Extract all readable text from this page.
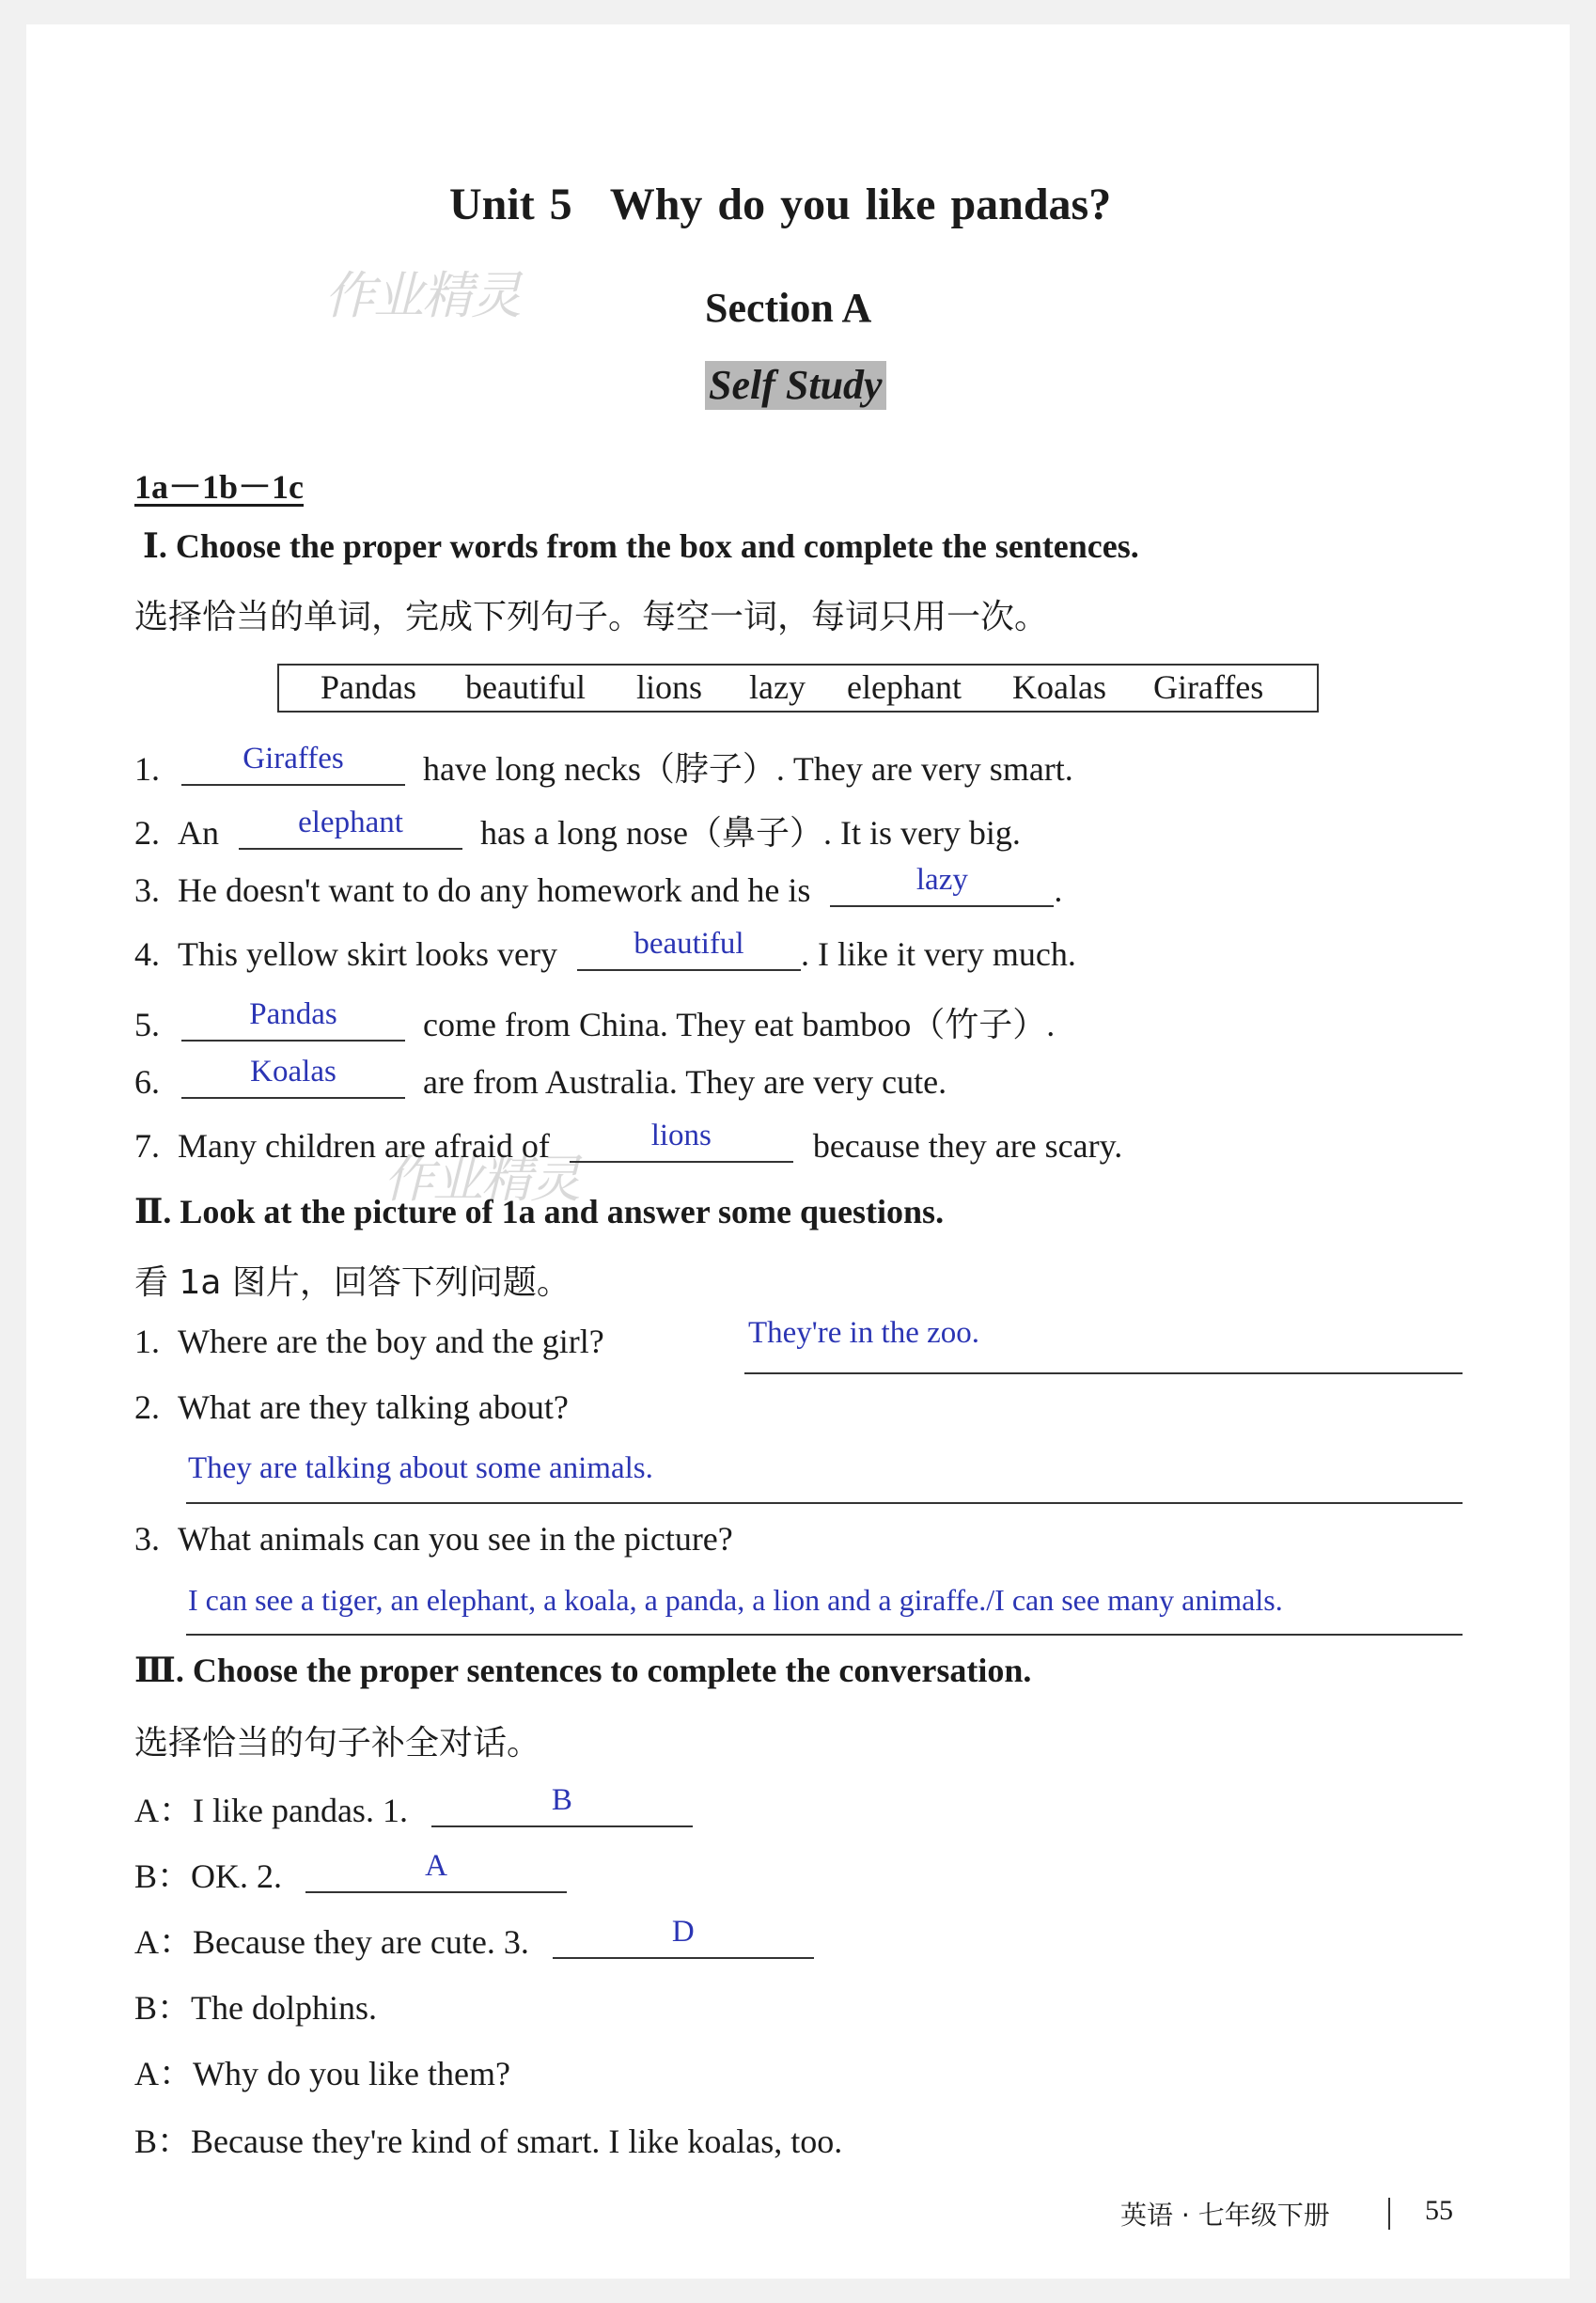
Unit 5 Why do you like pandas?
Section A
Self Study
作业精灵
作业精灵
1a－1b－1c
Ⅰ. Choose the proper words from the box and complete the sentences.
选择恰当的单词，完成下列句子。每空一词，每词只用一次。
Pandas beautiful lions lazy elephant Koalas Giraffes
1.	Giraffes	have long necks（脖子）. They are very smart.
2. An	elephant	has a long nose（鼻子）. It is very big.
3. He doesn't want to do any homework and he is	lazy	.
4. This yellow skirt looks very	beautiful	. I like it very much.
5.	Pandas	come from China. They eat bamboo（竹子）.
6.	Koalas	are from Australia. They are very cute.
7. Many children are afraid of	lions	because they are scary.
Ⅱ. Look at the picture of 1a and answer some questions.
看 1a 图片，回答下列问题。
1. Where are the boy and the girl?	They're in the zoo.
2. What are they talking about?
They are talking about some animals.
3. What animals can you see in the picture?
I can see a tiger, an elephant, a koala, a panda, a lion and a giraffe./I can see many animals.
Ⅲ. Choose the proper sentences to complete the conversation.
选择恰当的句子补全对话。
A：I like pandas. 1.	B
B：OK. 2.	A
A：Because they are cute. 3.	D
B：The dolphins.
A：Why do you like them?
B：Because they're kind of smart. I like koalas, too.
英语 · 七年级下册	55
